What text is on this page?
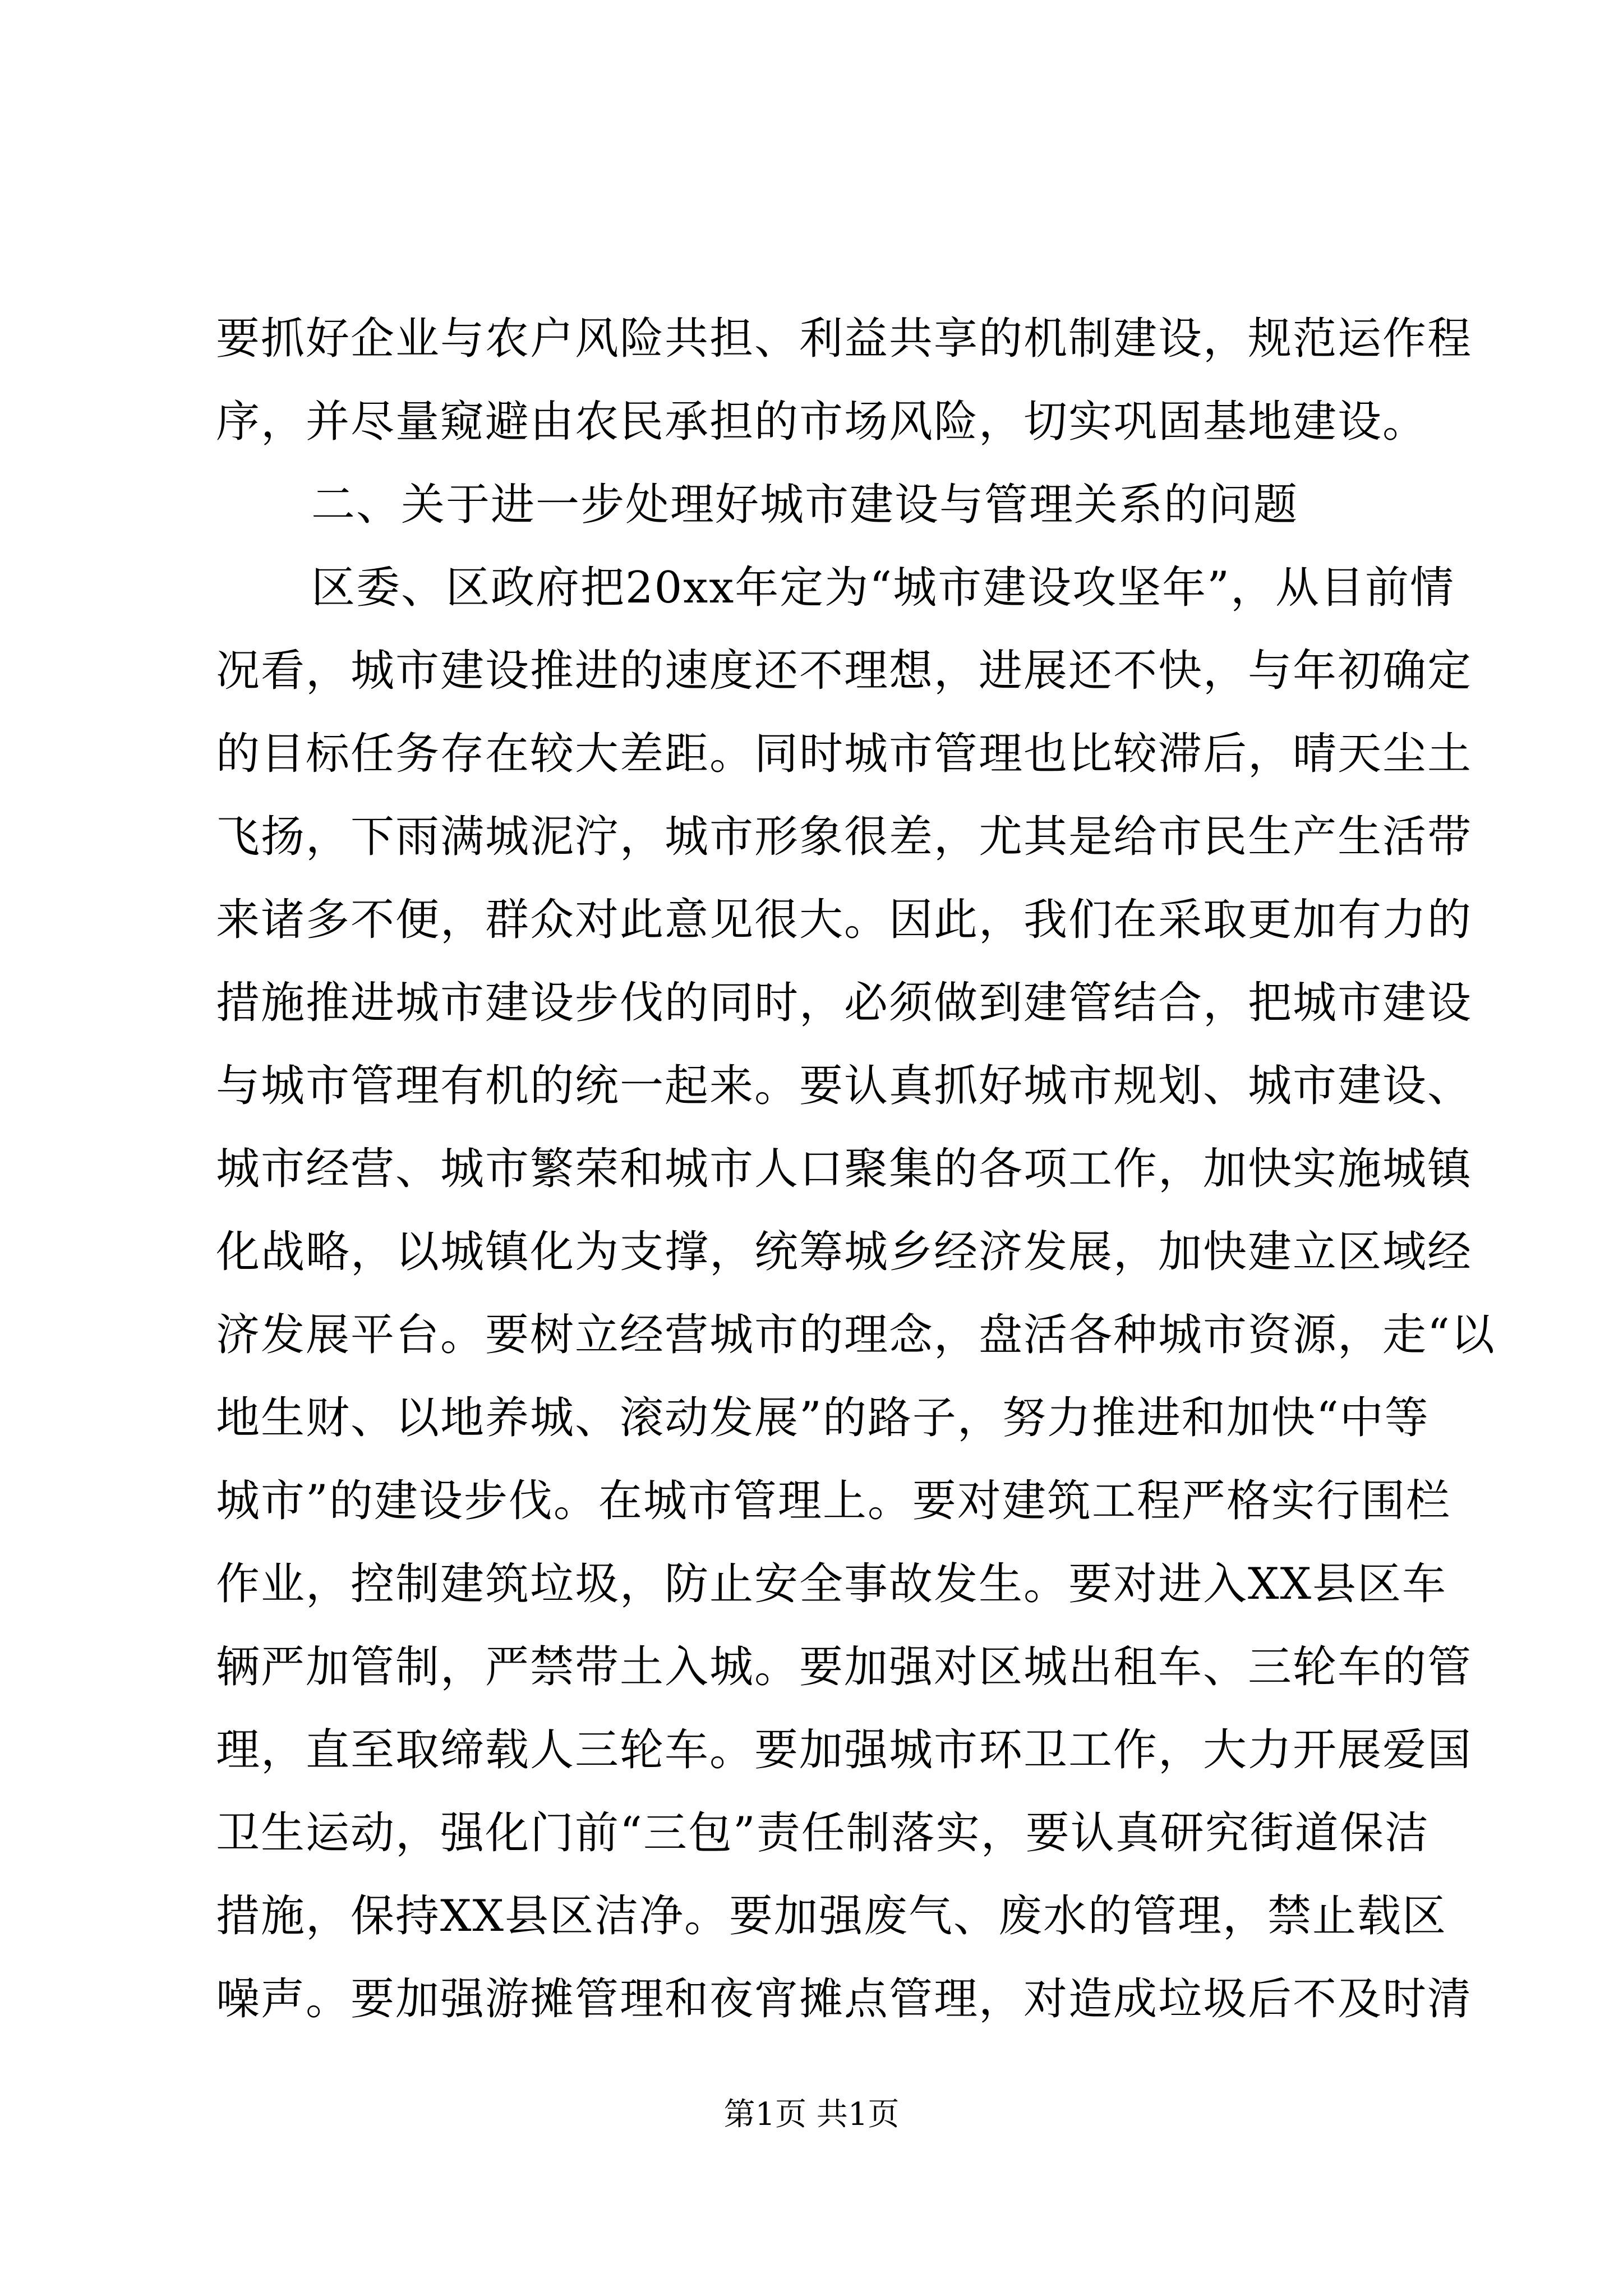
要抓好企业与农户风险共担、利益共享的机制建设，规范运作程

序，并尽量窥避由农民承担的市场风险，切实巩固基地建设。

二、关于进一步处理好城市建设与管理关系的问题

区委、区政府把20xx年定为“城市建设攻坚年”，从目前情

况看，城市建设推进的速度还不理想，进展还不快，与年初确定

的目标任务存在较大差距。同时城市管理也比较滞后，晴天尘土

飞扬，下雨满城泥泞，城市形象很差，尤其是给市民生产生活带

来诸多不便，群众对此意见很大。因此，我们在采取更加有力的

措施推进城市建设步伐的同时，必须做到建管结合，把城市建设

与城市管理有机的统一起来。要认真抓好城市规划、城市建设、

城市经营、城市繁荣和城市人口聚集的各项工作，加快实施城镇

化战略，以城镇化为支撑，统筹城乡经济发展，加快建立区域经

济发展平台。要树立经营城市的理念，盘活各种城市资源，走“以

地生财、以地养城、滚动发展”的路子，努力推进和加快“中等

城市”的建设步伐。在城市管理上。要对建筑工程严格实行围栏

作业，控制建筑垃圾，防止安全事故发生。要对进入XX县区车

辆严加管制，严禁带土入城。要加强对区城出租车、三轮车的管

理，直至取缔载人三轮车。要加强城市环卫工作，大力开展爱国

卫生运动，强化门前“三包”责任制落实，要认真研究街道保洁

措施，保持XX县区洁净。要加强废气、废水的管理，禁止载区

噪声。要加强游摊管理和夜宵摊点管理，对造成垃圾后不及时清

第1页 共1页
